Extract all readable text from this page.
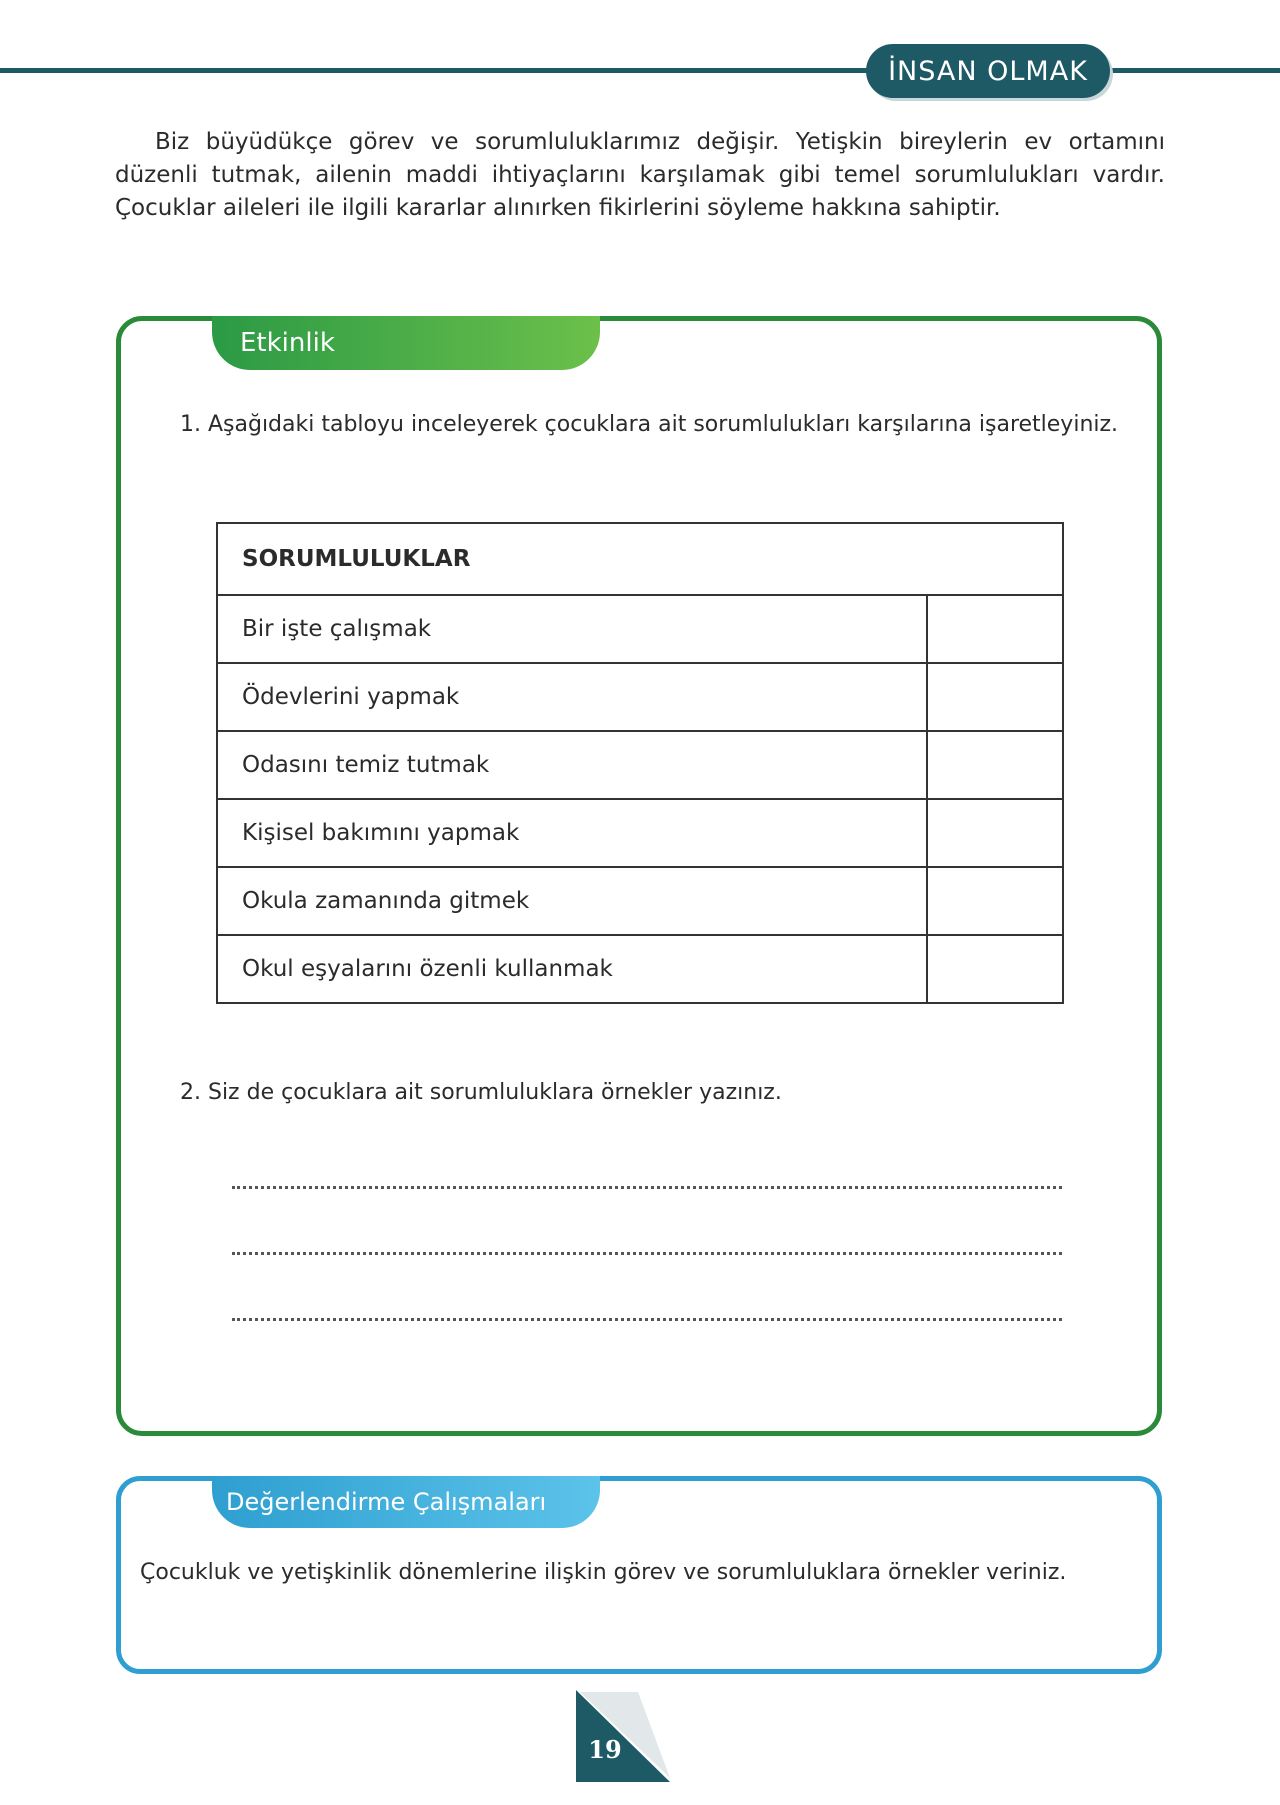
İNSAN OLMAK
Biz büyüdükçe görev ve sorumluluklarımız değişir. Yetişkin bireylerin ev ortamını düzenli tutmak, ailenin maddi ihtiyaçlarını karşılamak gibi temel sorumlulukları vardır. Çocuklar aileleri ile ilgili kararlar alınırken fikirlerini söyleme hakkına sahiptir.
Etkinlik
1. Aşağıdaki tabloyu inceleyerek çocuklara ait sorumlulukları karşılarına işaretleyiniz.
SORUMLULUKLAR	
Bir işte çalışmak	
Ödevlerini yapmak	
Odasını temiz tutmak	
Kişisel bakımını yapmak	
Okula zamanında gitmek	
Okul eşyalarını özenli kullanmak	
2. Siz de çocuklara ait sorumluluklara örnekler yazınız.
Değerlendirme Çalışmaları
Çocukluk ve yetişkinlik dönemlerine ilişkin görev ve sorumluluklara örnekler veriniz.
19
